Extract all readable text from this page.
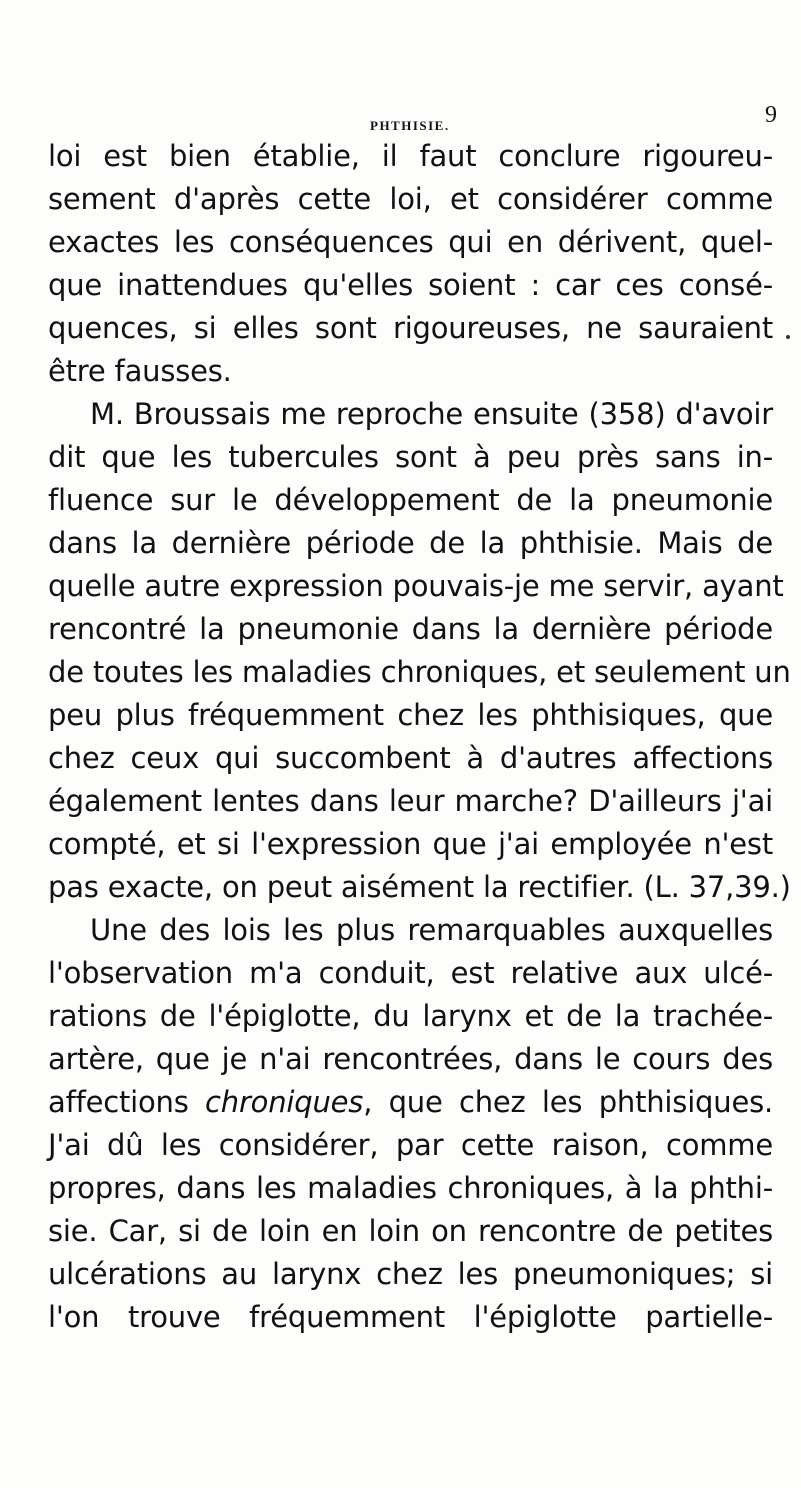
PHTHISIE.	9
loi est bien établie, il faut conclure rigoureu-
sement d'après cette loi, et considérer comme
exactes les conséquences qui en dérivent, quel-
que inattendues qu'elles soient : car ces consé-
quences, si elles sont rigoureuses, ne sauraient
être fausses.
M. Broussais me reproche ensuite (358) d'avoir
dit que les tubercules sont à peu près sans in-
fluence sur le développement de la pneumonie
dans la dernière période de la phthisie. Mais de
quelle autre expression pouvais-je me servir, ayant
rencontré la pneumonie dans la dernière période
de toutes les maladies chroniques, et seulement un
peu plus fréquemment chez les phthisiques, que
chez ceux qui succombent à d'autres affections
également lentes dans leur marche? D'ailleurs j'ai
compté, et si l'expression que j'ai employée n'est
pas exacte, on peut aisément la rectifier. (L. 37,39.)
Une des lois les plus remarquables auxquelles
l'observation m'a conduit, est relative aux ulcé-
rations de l'épiglotte, du larynx et de la trachée-
artère, que je n'ai rencontrées, dans le cours des
affections chroniques, que chez les phthisiques.
J'ai dû les considérer, par cette raison, comme
propres, dans les maladies chroniques, à la phthi-
sie. Car, si de loin en loin on rencontre de petites
ulcérations au larynx chez les pneumoniques; si
l'on trouve fréquemment l'épiglotte partielle-
